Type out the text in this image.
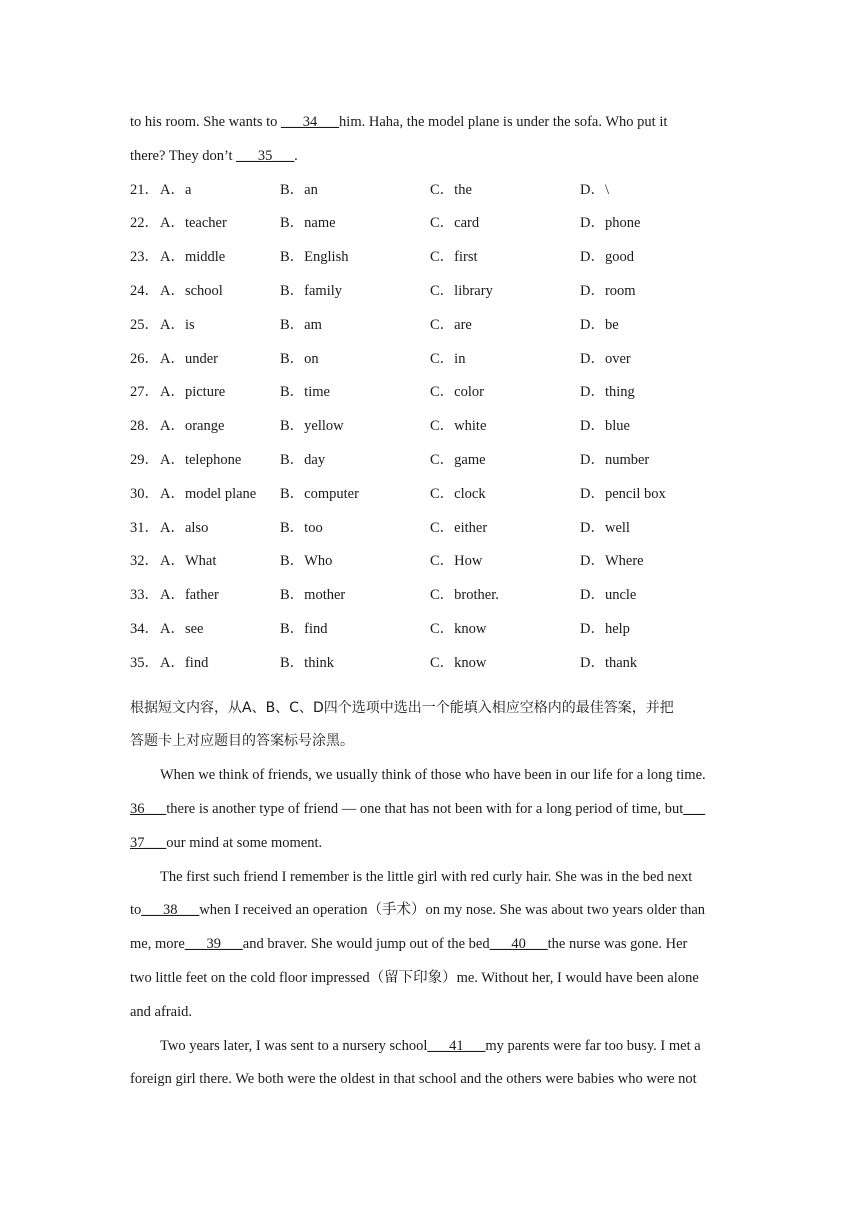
to his room. She wants to ___34___him. Haha, the model plane is under the sofa. Who put it
there? They don’t ___35___.
21． A．a	B．an	C．the	D．\
22． A．teacher	B．name	C．card	D．phone
23． A．middle	B．English	C．first	D．good
24． A．school	B．family	C．library	D．room
25． A．is	B．am	C．are	D．be
26． A．under	B．on	C．in	D．over
27． A．picture	B．time	C．color	D．thing
28． A．orange	B．yellow	C．white	D．blue
29． A．telephone	B．day	C．game	D．number
30． A．model plane B．computer	C．clock	D．pencil box
31． A．also	B．too	C．either	D．well
32． A．What	B．Who	C．How	D．Where
33． A．father	B．mother	C．brother.	D．uncle
34． A．see	B．find	C．know	D．help
35． A．find	B．think	C．know	D．thank
根据短文内容，从A、B、C、D四个选项中选出一个能填入相应空格内的最佳答案，并把
答题卡上对应题目的答案标号涂黑。
When we think of friends, we usually think of those who have been in our life for a long time.
36___there is another type of friend — one that has not been with for a long period of time, but___
37___our mind at some moment.
The first such friend I remember is the little girl with red curly hair. She was in the bed next
to___38___when I received an operation（手术）on my nose. She was about two years older than
me, more___39___and braver. She would jump out of the bed___40___the nurse was gone. Her
two little feet on the cold floor impressed（留下印象）me. Without her, I would have been alone
and afraid.
Two years later, I was sent to a nursery school___41___my parents were far too busy. I met a
foreign girl there. We both were the oldest in that school and the others were babies who were not
